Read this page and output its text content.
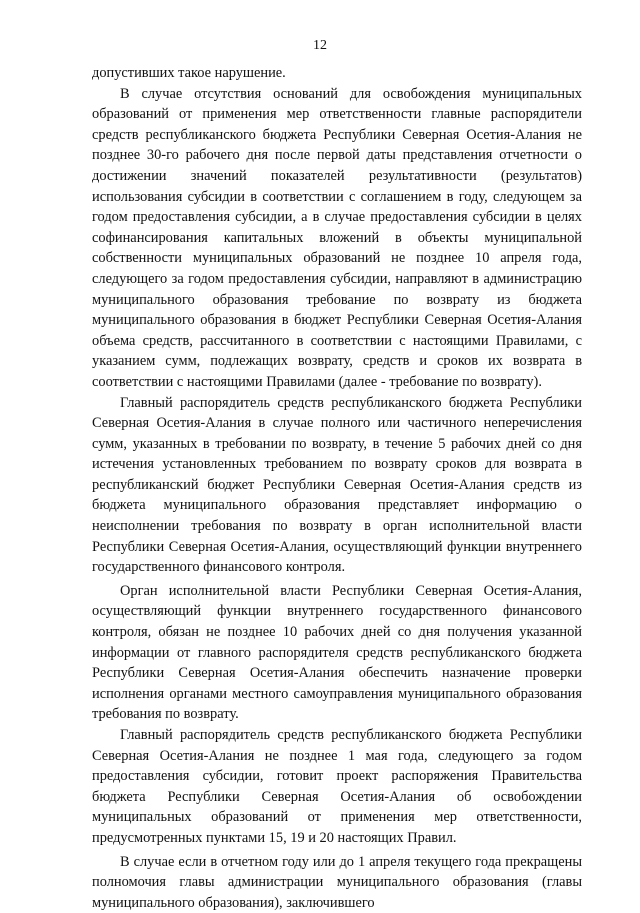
12

допустивших такое нарушение.

В случае отсутствия оснований для освобождения муниципальных образований от применения мер ответственности главные распорядители средств республиканского бюджета Республики Северная Осетия-Алания не позднее 30-го рабочего дня после первой даты представления отчетности о достижении значений показателей результативности (результатов) использования субсидии в соответствии с соглашением в году, следующем за годом предоставления субсидии, а в случае предоставления субсидии в целях софинансирования капитальных вложений в объекты муниципальной собственности муниципальных образований не позднее 10 апреля года, следующего за годом предоставления субсидии, направляют в администрацию муниципального образования требование по возврату из бюджета муниципального образования в бюджет Республики Северная Осетия-Алания объема средств, рассчитанного в соответствии с настоящими Правилами, с указанием сумм, подлежащих возврату, средств и сроков их возврата в соответствии с настоящими Правилами (далее - требование по возврату).

Главный распорядитель средств республиканского бюджета Республики Северная Осетия-Алания в случае полного или частичного неперечисления сумм, указанных в требовании по возврату, в течение 5 рабочих дней со дня истечения установленных требованием по возврату сроков для возврата в республиканский бюджет Республики Северная Осетия-Алания средств из бюджета муниципального образования представляет информацию о неисполнении требования по возврату в орган исполнительной власти Республики Северная Осетия-Алания, осуществляющий функции внутреннего государственного финансового контроля.

Орган исполнительной власти Республики Северная Осетия-Алания, осуществляющий функции внутреннего государственного финансового контроля, обязан не позднее 10 рабочих дней со дня получения указанной информации от главного распорядителя средств республиканского бюджета Республики Северная Осетия-Алания обеспечить назначение проверки исполнения органами местного самоуправления муниципального образования требования по возврату.

Главный распорядитель средств республиканского бюджета Республики Северная Осетия-Алания не позднее 1 мая года, следующего за годом предоставления субсидии, готовит проект распоряжения Правительства бюджета Республики Северная Осетия-Алания об освобождении муниципальных образований от применения мер ответственности, предусмотренных пунктами 15, 19 и 20 настоящих Правил.

В случае если в отчетном году или до 1 апреля текущего года прекращены полномочия главы администрации муниципального образования (главы муниципального образования), заключившего
